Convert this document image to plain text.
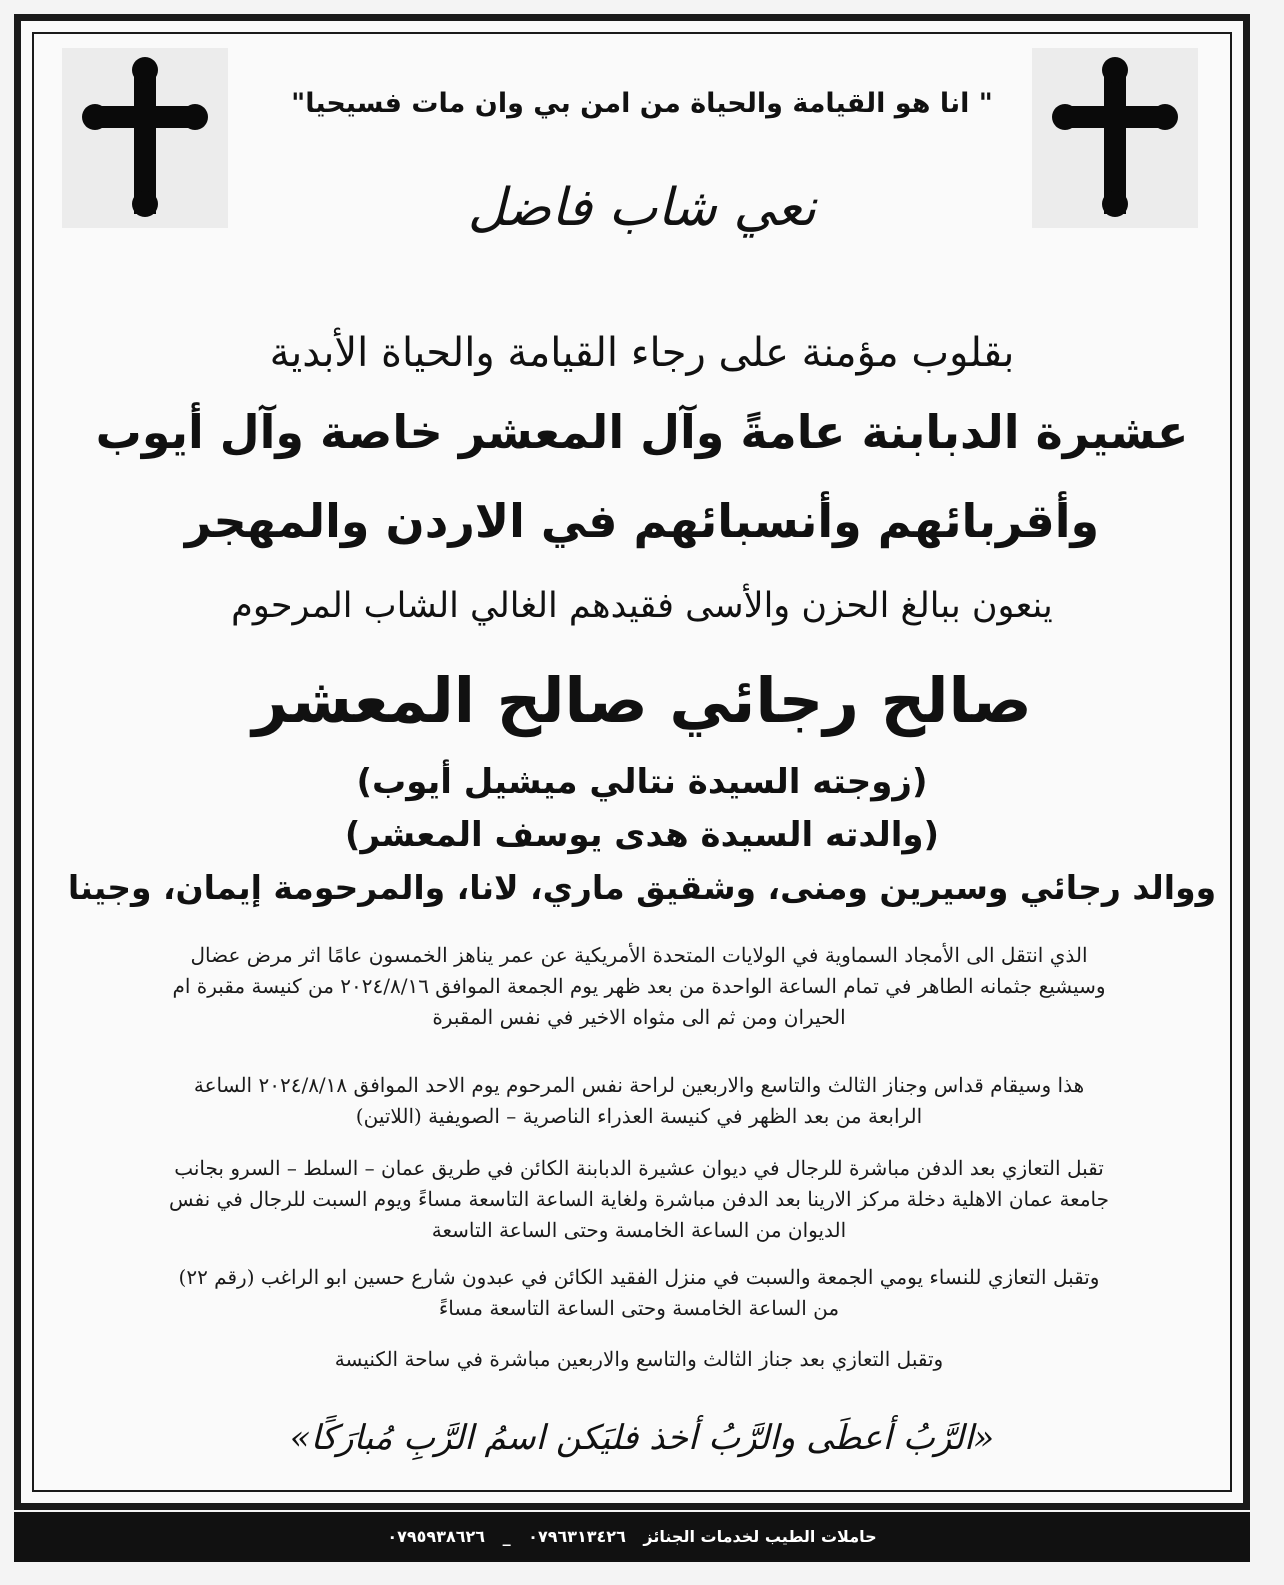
" انا هو القيامة والحياة من امن بي وان مات فسيحيا"
نعي شاب فاضل
بقلوب مؤمنة على رجاء القيامة والحياة الأبدية
عشيرة الدبابنة عامةً وآل المعشر خاصة وآل أيوب
وأقربائهم وأنسبائهم في الاردن والمهجر
ينعون ببالغ الحزن والأسى فقيدهم الغالي الشاب المرحوم
صالح رجائي صالح المعشر
(زوجته السيدة نتالي ميشيل أيوب)
(والدته السيدة هدى يوسف المعشر)
ووالد رجائي وسيرين ومنى، وشقيق ماري، لانا، والمرحومة إيمان، وجينا
الذي انتقل الى الأمجاد السماوية في الولايات المتحدة الأمريكية عن عمر يناهز الخمسون عامًا اثر مرض عضال
وسيشيع جثمانه الطاهر في تمام الساعة الواحدة من بعد ظهر يوم الجمعة الموافق ٢٠٢٤/٨/١٦ من كنيسة مقبرة ام
الحيران ومن ثم الى مثواه الاخير في نفس المقبرة
هذا وسيقام قداس وجناز الثالث والتاسع والاربعين لراحة نفس المرحوم يوم الاحد الموافق ٢٠٢٤/٨/١٨ الساعة
الرابعة من بعد الظهر في كنيسة العذراء الناصرية – الصويفية (اللاتين)
تقبل التعازي بعد الدفن مباشرة للرجال في ديوان عشيرة الدبابنة الكائن في طريق عمان – السلط – السرو بجانب
جامعة عمان الاهلية دخلة مركز الارينا بعد الدفن مباشرة ولغاية الساعة التاسعة مساءً ويوم السبت للرجال في نفس
الديوان من الساعة الخامسة وحتى الساعة التاسعة
وتقبل التعازي للنساء يومي الجمعة والسبت في منزل الفقيد الكائن في عبدون شارع حسين ابو الراغب (رقم ٢٢)
من الساعة الخامسة وحتى الساعة التاسعة مساءً
وتقبل التعازي بعد جناز الثالث والتاسع والاربعين مباشرة في ساحة الكنيسة
«الرَّبُ أعطَى والرَّبُ أخذ فليَكن اسمُ الرَّبِ مُبارَكًا»
حاملات الطيب لخدمات الجنائز ٠٧٩٦٣١٣٤٢٦ _ ٠٧٩٥٩٣٨٦٢٦
